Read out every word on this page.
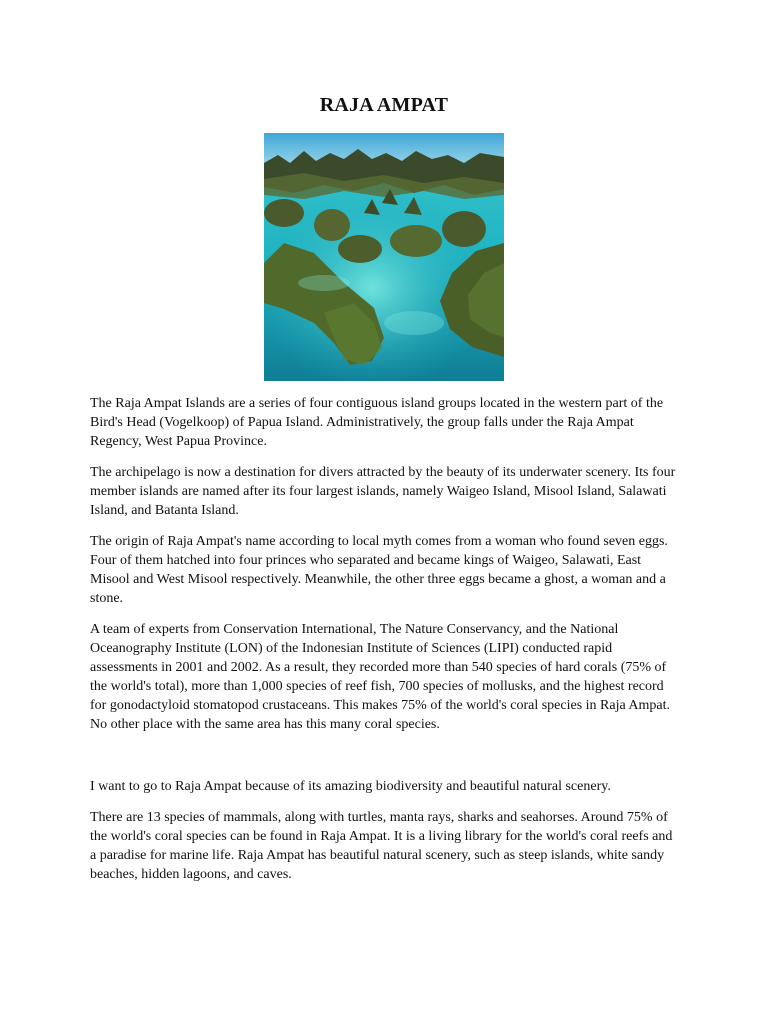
RAJA AMPAT

The Raja Ampat Islands are a series of four contiguous island groups located in the western part of the Bird's Head (Vogelkoop) of Papua Island. Administratively, the group falls under the Raja Ampat Regency, West Papua Province.

The archipelago is now a destination for divers attracted by the beauty of its underwater scenery. Its four member islands are named after its four largest islands, namely Waigeo Island, Misool Island, Salawati Island, and Batanta Island.

The origin of Raja Ampat's name according to local myth comes from a woman who found seven eggs. Four of them hatched into four princes who separated and became kings of Waigeo, Salawati, East Misool and West Misool respectively. Meanwhile, the other three eggs became a ghost, a woman and a stone.

A team of experts from Conservation International, The Nature Conservancy, and the National Oceanography Institute (LON) of the Indonesian Institute of Sciences (LIPI) conducted rapid assessments in 2001 and 2002. As a result, they recorded more than 540 species of hard corals (75% of the world's total), more than 1,000 species of reef fish, 700 species of mollusks, and the highest record for gonodactyloid stomatopod crustaceans. This makes 75% of the world's coral species in Raja Ampat. No other place with the same area has this many coral species.

I want to go to Raja Ampat because of its amazing biodiversity and beautiful natural scenery.

There are 13 species of mammals, along with turtles, manta rays, sharks and seahorses. Around 75% of the world's coral species can be found in Raja Ampat. It is a living library for the world's coral reefs and a paradise for marine life. Raja Ampat has beautiful natural scenery, such as steep islands, white sandy beaches, hidden lagoons, and caves.
